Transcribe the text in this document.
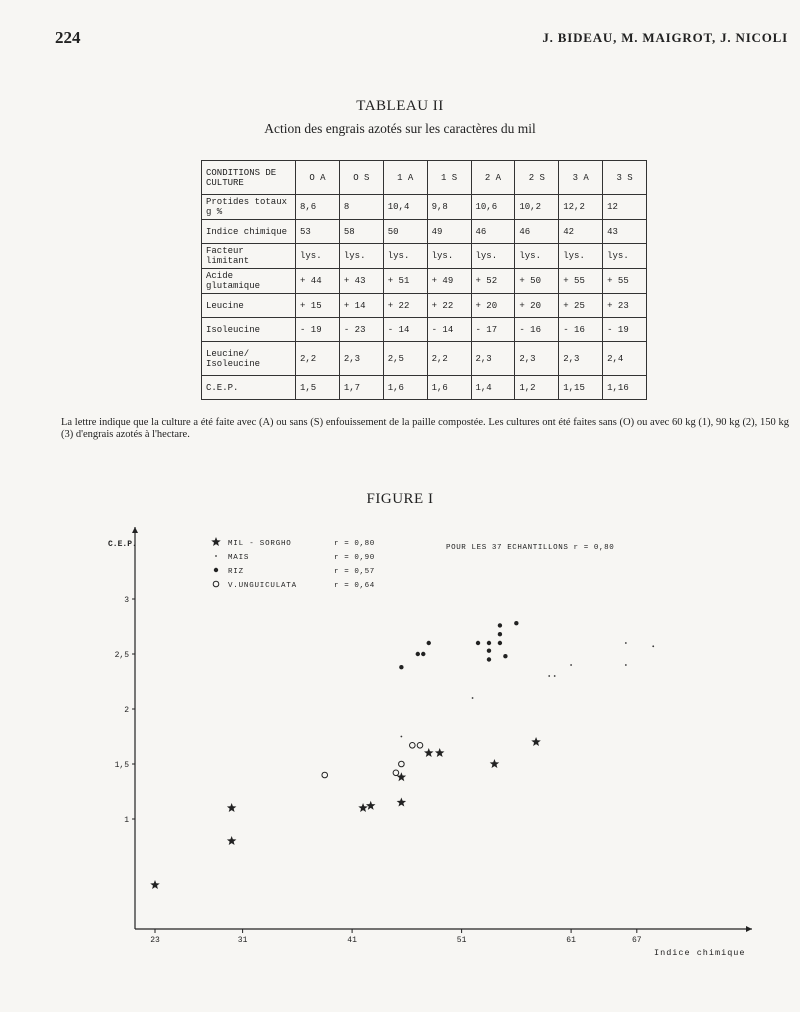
224	J. BIDEAU, M. MAIGROT, J. NICOLI
TABLEAU II
Action des engrais azotés sur les caractères du mil
CONDITIONS DE
CULTURE	O A	O S	1 A	1 S	2 A	2 S	3 A	3 S
Protides totaux
g %	8,6	8	10,4	9,8	10,6	10,2	12,2	12
Indice chimique	53	58	50	49	46	46	42	43
Facteur limitant	lys.	lys.	lys.	lys.	lys.	lys.	lys.	lys.
Acide glutamique	+ 44	+ 43	+ 51	+ 49	+ 52	+ 50	+ 55	+ 55
Leucine	+ 15	+ 14	+ 22	+ 22	+ 20	+ 20	+ 25	+ 23
Isoleucine	- 19	- 23	- 14	- 14	- 17	- 16	- 16	- 19
Leucine/
Isoleucine	2,2	2,3	2,5	2,2	2,3	2,3	2,3	2,4
C.E.P.	1,5	1,7	1,6	1,6	1,4	1,2	1,15	1,16
La lettre indique que la culture a été faite avec (A) ou sans (S) enfouissement de la paille compostée. Les cultures ont été faites sans (O) ou avec 60 kg (1), 90 kg (2), 150 kg (3) d'engrais azotés à l'hectare.
FIGURE I
C.E.P.
Indice chimique
23	31	41	51	61	67
1
1,5
2
2,5
3
MIL - SORGHO	r = 0,80
MAIS	r = 0,90
RIZ	r = 0,57
V.UNGUICULATA	r = 0,64
POUR LES 37 ECHANTILLONS r = 0,80
